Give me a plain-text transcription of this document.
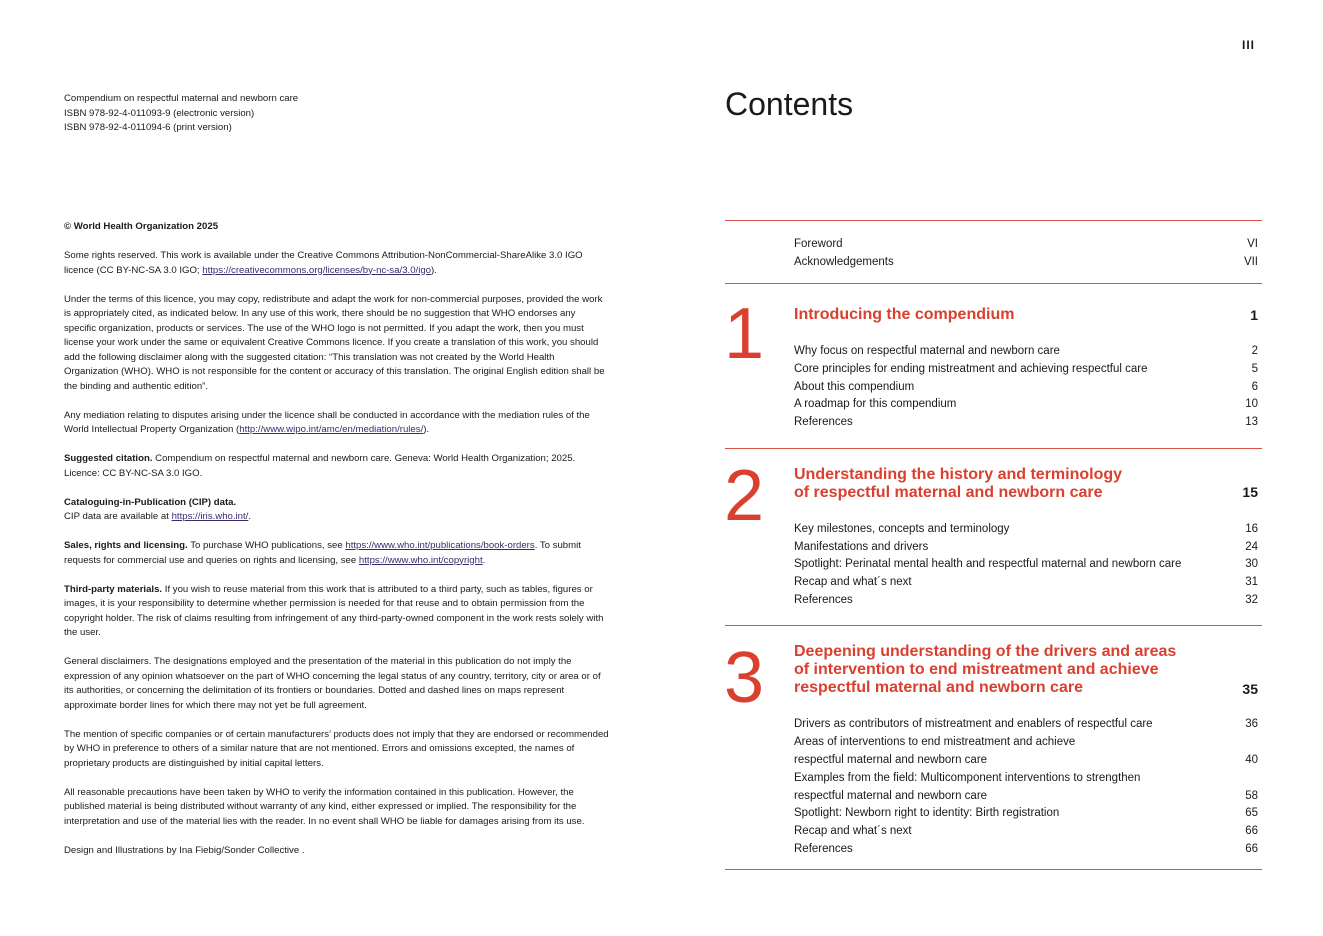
Compendium on respectful maternal and newborn care
ISBN 978-92-4-011093-9 (electronic version)
ISBN 978-92-4-011094-6 (print version)

© World Health Organization 2025

Some rights reserved. This work is available under the Creative Commons Attribution-NonCommercial-ShareAlike 3.0 IGO licence (CC BY-NC-SA 3.0 IGO; https://creativecommons.org/licenses/by-nc-sa/3.0/igo).

Under the terms of this licence, you may copy, redistribute and adapt the work for non-commercial purposes, provided the work is appropriately cited, as indicated below. In any use of this work, there should be no suggestion that WHO endorses any specific organization, products or services. The use of the WHO logo is not permitted. If you adapt the work, then you must license your work under the same or equivalent Creative Commons licence. If you create a translation of this work, you should add the following disclaimer along with the suggested citation: “This translation was not created by the World Health Organization (WHO). WHO is not responsible for the content or accuracy of this translation. The original English edition shall be the binding and authentic edition”.

Any mediation relating to disputes arising under the licence shall be conducted in accordance with the mediation rules of the World Intellectual Property Organization (http://www.wipo.int/amc/en/mediation/rules/).

Suggested citation. Compendium on respectful maternal and newborn care. Geneva: World Health Organization; 2025. Licence: CC BY-NC-SA 3.0 IGO.

Cataloguing-in-Publication (CIP) data.
CIP data are available at https://iris.who.int/.

Sales, rights and licensing. To purchase WHO publications, see https://www.who.int/publications/book-orders. To submit requests for commercial use and queries on rights and licensing, see https://www.who.int/copyright.

Third-party materials. If you wish to reuse material from this work that is attributed to a third party, such as tables, figures or images, it is your responsibility to determine whether permission is needed for that reuse and to obtain permission from the copyright holder. The risk of claims resulting from infringement of any third-party-owned component in the work rests solely with the user.

General disclaimers. The designations employed and the presentation of the material in this publication do not imply the expression of any opinion whatsoever on the part of WHO concerning the legal status of any country, territory, city or area or of its authorities, or concerning the delimitation of its frontiers or boundaries. Dotted and dashed lines on maps represent approximate border lines for which there may not yet be full agreement.

The mention of specific companies or of certain manufacturers’ products does not imply that they are endorsed or recommended by WHO in preference to others of a similar nature that are not mentioned. Errors and omissions excepted, the names of proprietary products are distinguished by initial capital letters.

All reasonable precautions have been taken by WHO to verify the information contained in this publication. However, the published material is being distributed without warranty of any kind, either expressed or implied. The responsibility for the interpretation and use of the material lies with the reader. In no event shall WHO be liable for damages arising from its use.

Design and Illustrations by Ina Fiebig/Sonder Collective .

III
Contents
Foreword	VI
Acknowledgements	VII
1 Introducing the compendium	1
Why focus on respectful maternal and newborn care	2
Core principles for ending mistreatment and achieving respectful care	5
About this compendium	6
A roadmap for this compendium	10
References	13
2 Understanding the history and terminology
of respectful maternal and newborn care	15
Key milestones, concepts and terminology	16
Manifestations and drivers	24
Spotlight: Perinatal mental health and respectful maternal and newborn care	30
Recap and what´s next	31
References	32
3 Deepening understanding of the drivers and areas
of intervention to end mistreatment and achieve
respectful maternal and newborn care	35
Drivers as contributors of mistreatment and enablers of respectful care	36
Areas of interventions to end mistreatment and achieve
respectful maternal and newborn care	40
Examples from the field: Multicomponent interventions to strengthen
respectful maternal and newborn care	58
Spotlight: Newborn right to identity: Birth registration	65
Recap and what´s next	66
References	66
